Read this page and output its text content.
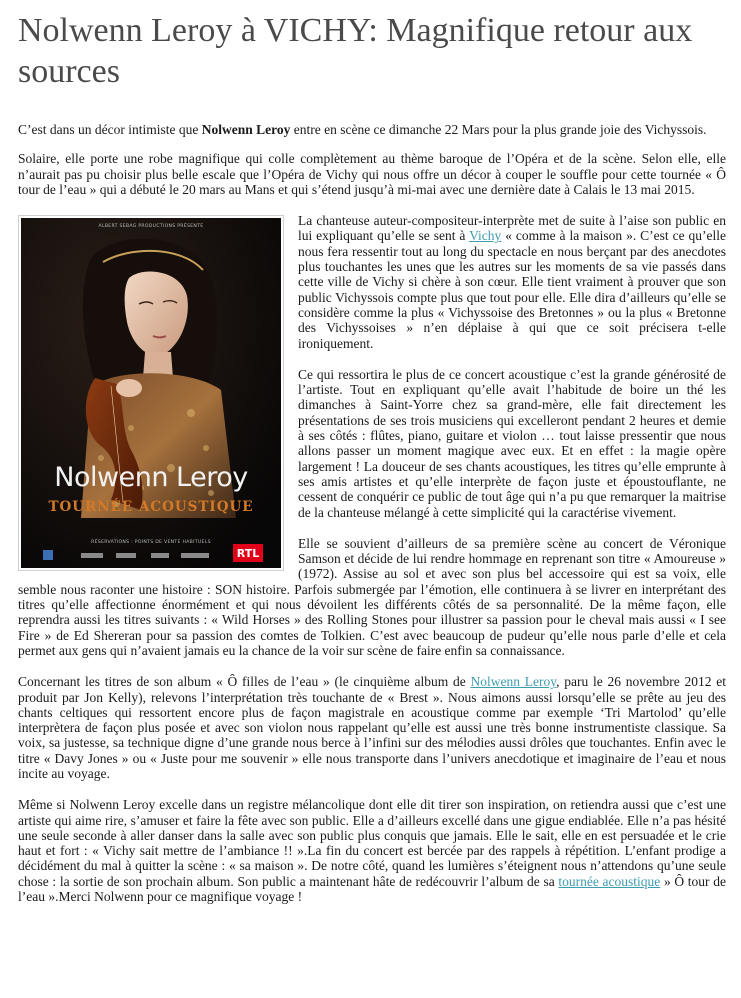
Nolwenn Leroy à VICHY: Magnifique retour aux sources

C’est dans un décor intimiste que Nolwenn Leroy entre en scène ce dimanche 22 Mars pour la plus grande joie des Vichyssois.

Solaire, elle porte une robe magnifique qui colle complètement au thème baroque de l’Opéra et de la scène. Selon elle, elle n’aurait pas pu choisir plus belle escale que l’Opéra de Vichy qui nous offre un décor à couper le souffle pour cette tournée « Ô tour de l’eau » qui a débuté le 20 mars au Mans et qui s’étend jusqu’à mi-mai avec une dernière date à Calais le 13 mai 2015.

ALBERT SEBAG PRODUCTIONS PRÉSENTE
Nolwenn Leroy
TOURNÉE ACOUSTIQUE
RÉSERVATIONS : POINTS DE VENTE HABITUELS
RTL

La chanteuse auteur-compositeur-interprète met de suite à l’aise son public en lui expliquant qu’elle se sent à Vichy « comme à la maison ». C’est ce qu’elle nous fera ressentir tout au long du spectacle en nous berçant par des anecdotes plus touchantes les unes que les autres sur les moments de sa vie passés dans cette ville de Vichy si chère à son cœur. Elle tient vraiment à prouver que son public Vichyssois compte plus que tout pour elle. Elle dira d’ailleurs qu’elle se considère comme la plus « Vichyssoise des Bretonnes » ou la plus « Bretonne des Vichyssoises » n’en déplaise à qui que ce soit précisera t-elle ironiquement.

Ce qui ressortira le plus de ce concert acoustique c’est la grande générosité de l’artiste. Tout en expliquant qu’elle avait l’habitude de boire un thé les dimanches à Saint-Yorre chez sa grand-mère, elle fait directement les présentations de ses trois musiciens qui excelleront pendant 2 heures et demie à ses côtés : flûtes, piano, guitare et violon … tout laisse pressentir que nous allons passer un moment magique avec eux. Et en effet : la magie opère largement ! La douceur de ses chants acoustiques, les titres qu’elle emprunte à ses amis artistes et qu’elle interprète de façon juste et époustouflante, ne cessent de conquérir ce public de tout âge qui n’a pu que remarquer la maitrise de la chanteuse mélangé à cette simplicité qui la caractérise vivement.

Elle se souvient d’ailleurs de sa première scène au concert de Véronique Samson et décide de lui rendre hommage en reprenant son titre « Amoureuse » (1972). Assise au sol et avec son plus bel accessoire qui est sa voix, elle semble nous raconter une histoire : SON histoire. Parfois submergée par l’émotion, elle continuera à se livrer en interprétant des titres qu’elle affectionne énormément et qui nous dévoilent les différents côtés de sa personnalité. De la même façon, elle reprendra aussi les titres suivants : « Wild Horses » des Rolling Stones pour illustrer sa passion pour le cheval mais aussi « I see Fire » de Ed Shereran pour sa passion des comtes de Tolkien. C’est avec beaucoup de pudeur qu’elle nous parle d’elle et cela permet aux gens qui n’avaient jamais eu la chance de la voir sur scène de faire enfin sa connaissance.

Concernant les titres de son album « Ô filles de l’eau » (le cinquième album de Nolwenn Leroy, paru le 26 novembre 2012 et produit par Jon Kelly), relevons l’interprétation très touchante de « Brest ». Nous aimons aussi lorsqu’elle se prête au jeu des chants celtiques qui ressortent encore plus de façon magistrale en acoustique comme par exemple ‘Tri Martolod’ qu’elle interprètera de façon plus posée et avec son violon nous rappelant qu’elle est aussi une très bonne instrumentiste classique. Sa voix, sa justesse, sa technique digne d’une grande nous berce à l’infini sur des mélodies aussi drôles que touchantes. Enfin avec le titre « Davy Jones » ou « Juste pour me souvenir » elle nous transporte dans l’univers anecdotique et imaginaire de l’eau et nous incite au voyage.

Même si Nolwenn Leroy excelle dans un registre mélancolique dont elle dit tirer son inspiration, on retiendra aussi que c’est une artiste qui aime rire, s’amuser et faire la fête avec son public. Elle a d’ailleurs excellé dans une gigue endiablée. Elle n’a pas hésité une seule seconde à aller danser dans la salle avec son public plus conquis que jamais. Elle le sait, elle en est persuadée et le crie haut et fort : « Vichy sait mettre de l’ambiance !! ».La fin du concert est bercée par des rappels à répétition. L’enfant prodige a décidément du mal à quitter la scène : « sa maison ». De notre côté, quand les lumières s’éteignent nous n’attendons qu’une seule chose : la sortie de son prochain album. Son public a maintenant hâte de redécouvrir l’album de sa tournée acoustique » Ô tour de l’eau ».Merci Nolwenn pour ce magnifique voyage !
